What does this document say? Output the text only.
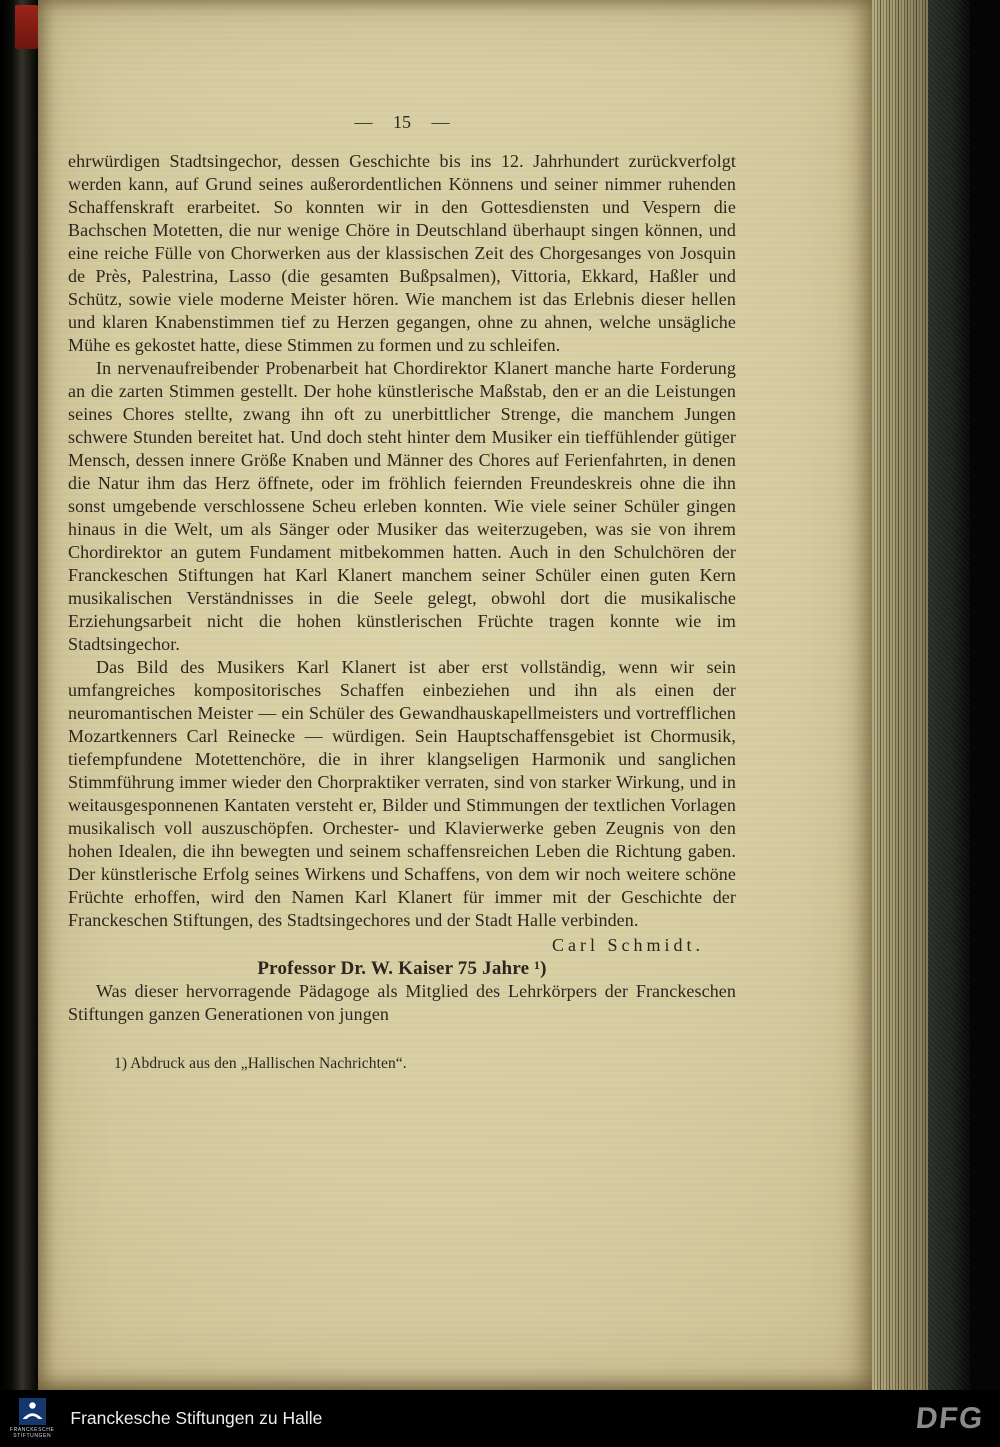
— 15 —

ehrwürdigen Stadtsingechor, dessen Geschichte bis ins 12. Jahrhundert zurückverfolgt werden kann, auf Grund seines außerordentlichen Könnens und seiner nimmer ruhenden Schaffenskraft erarbeitet. So konnten wir in den Gottesdiensten und Vespern die Bachschen Motetten, die nur wenige Chöre in Deutschland überhaupt singen können, und eine reiche Fülle von Chorwerken aus der klassischen Zeit des Chorgesanges von Josquin de Près, Palestrina, Lasso (die gesamten Bußpsalmen), Vittoria, Ekkard, Haßler und Schütz, sowie viele moderne Meister hören. Wie manchem ist das Erlebnis dieser hellen und klaren Knabenstimmen tief zu Herzen gegangen, ohne zu ahnen, welche unsägliche Mühe es gekostet hatte, diese Stimmen zu formen und zu schleifen.

In nervenaufreibender Probenarbeit hat Chordirektor Klanert manche harte Forderung an die zarten Stimmen gestellt. Der hohe künstlerische Maßstab, den er an die Leistungen seines Chores stellte, zwang ihn oft zu unerbittlicher Strenge, die manchem Jungen schwere Stunden bereitet hat. Und doch steht hinter dem Musiker ein tieffühlender gütiger Mensch, dessen innere Größe Knaben und Männer des Chores auf Ferienfahrten, in denen die Natur ihm das Herz öffnete, oder im fröhlich feiernden Freundeskreis ohne die ihn sonst umgebende verschlossene Scheu erleben konnten. Wie viele seiner Schüler gingen hinaus in die Welt, um als Sänger oder Musiker das weiterzugeben, was sie von ihrem Chordirektor an gutem Fundament mitbekommen hatten. Auch in den Schulchören der Franckeschen Stiftungen hat Karl Klanert manchem seiner Schüler einen guten Kern musikalischen Verständnisses in die Seele gelegt, obwohl dort die musikalische Erziehungsarbeit nicht die hohen künstlerischen Früchte tragen konnte wie im Stadtsingechor.

Das Bild des Musikers Karl Klanert ist aber erst vollständig, wenn wir sein umfangreiches kompositorisches Schaffen einbeziehen und ihn als einen der neuromantischen Meister — ein Schüler des Gewandhauskapellmeisters und vortrefflichen Mozartkenners Carl Reinecke — würdigen. Sein Hauptschaffensgebiet ist Chormusik, tiefempfundene Motettenchöre, die in ihrer klangseligen Harmonik und sanglichen Stimmführung immer wieder den Chorpraktiker verraten, sind von starker Wirkung, und in weitausgesponnenen Kantaten versteht er, Bilder und Stimmungen der textlichen Vorlagen musikalisch voll auszuschöpfen. Orchester- und Klavierwerke geben Zeugnis von den hohen Idealen, die ihn bewegten und seinem schaffensreichen Leben die Richtung gaben. Der künstlerische Erfolg seines Wirkens und Schaffens, von dem wir noch weitere schöne Früchte erhoffen, wird den Namen Karl Klanert für immer mit der Geschichte der Franckeschen Stiftungen, des Stadtsingechores und der Stadt Halle verbinden.

Carl Schmidt.

Professor Dr. W. Kaiser 75 Jahre ¹)

Was dieser hervorragende Pädagoge als Mitglied des Lehrkörpers der Franckeschen Stiftungen ganzen Generationen von jungen

1) Abdruck aus den „Hallischen Nachrichten“.

FRANCKESCHE
STIFTUNGEN
Franckesche Stiftungen zu Halle	DFG
